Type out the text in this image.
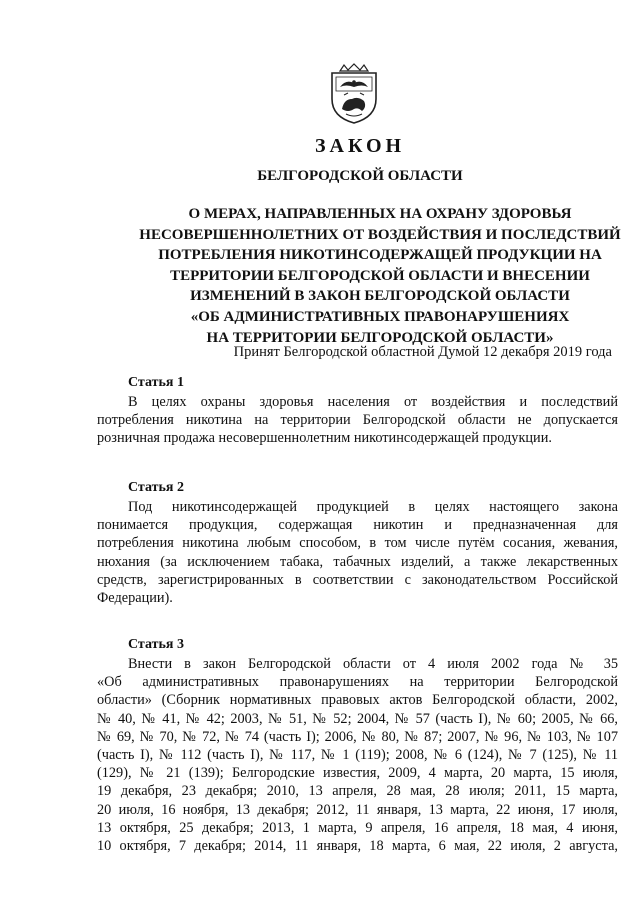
ЗАКОН
БЕЛГОРОДСКОЙ ОБЛАСТИ
О МЕРАХ, НАПРАВЛЕННЫХ НА ОХРАНУ ЗДОРОВЬЯ
НЕСОВЕРШЕННОЛЕТНИХ ОТ ВОЗДЕЙСТВИЯ И ПОСЛЕДСТВИЙ
ПОТРЕБЛЕНИЯ НИКОТИНСОДЕРЖАЩЕЙ ПРОДУКЦИИ НА
ТЕРРИТОРИИ БЕЛГОРОДСКОЙ ОБЛАСТИ И ВНЕСЕНИИ
ИЗМЕНЕНИЙ В ЗАКОН БЕЛГОРОДСКОЙ ОБЛАСТИ
«ОБ АДМИНИСТРАТИВНЫХ ПРАВОНАРУШЕНИЯХ
НА ТЕРРИТОРИИ БЕЛГОРОДСКОЙ ОБЛАСТИ»
Принят Белгородской областной Думой 12 декабря 2019 года
Статья 1
В целях охраны здоровья населения от воздействия и последствий
потребления никотина на территории Белгородской области не допускается
розничная продажа несовершеннолетним никотинсодержащей продукции.
Статья 2
Под никотинсодержащей продукцией в целях настоящего закона
понимается продукция, содержащая никотин и предназначенная для
потребления никотина любым способом, в том числе путём сосания, жевания,
нюхания (за исключением табака, табачных изделий, а также лекарственных
средств, зарегистрированных в соответствии с законодательством Российской
Федерации).
Статья 3
Внести в закон Белгородской области от 4 июля 2002 года № 35
«Об административных правонарушениях на территории Белгородской
области» (Сборник нормативных правовых актов Белгородской области, 2002,
№ 40, № 41, № 42; 2003, № 51, № 52; 2004, № 57 (часть I), № 60; 2005, № 66,
№ 69, № 70, № 72, № 74 (часть I); 2006, № 80, № 87; 2007, № 96, № 103, № 107
(часть I), № 112 (часть I), № 117, № 1 (119); 2008, № 6 (124), № 7 (125), № 11
(129), № 21 (139); Белгородские известия, 2009, 4 марта, 20 марта, 15 июля,
19 декабря, 23 декабря; 2010, 13 апреля, 28 мая, 28 июля; 2011, 15 марта,
20 июля, 16 ноября, 13 декабря; 2012, 11 января, 13 марта, 22 июня, 17 июля,
13 октября, 25 декабря; 2013, 1 марта, 9 апреля, 16 апреля, 18 мая, 4 июня,
10 октября, 7 декабря; 2014, 11 января, 18 марта, 6 мая, 22 июля, 2 августа,
